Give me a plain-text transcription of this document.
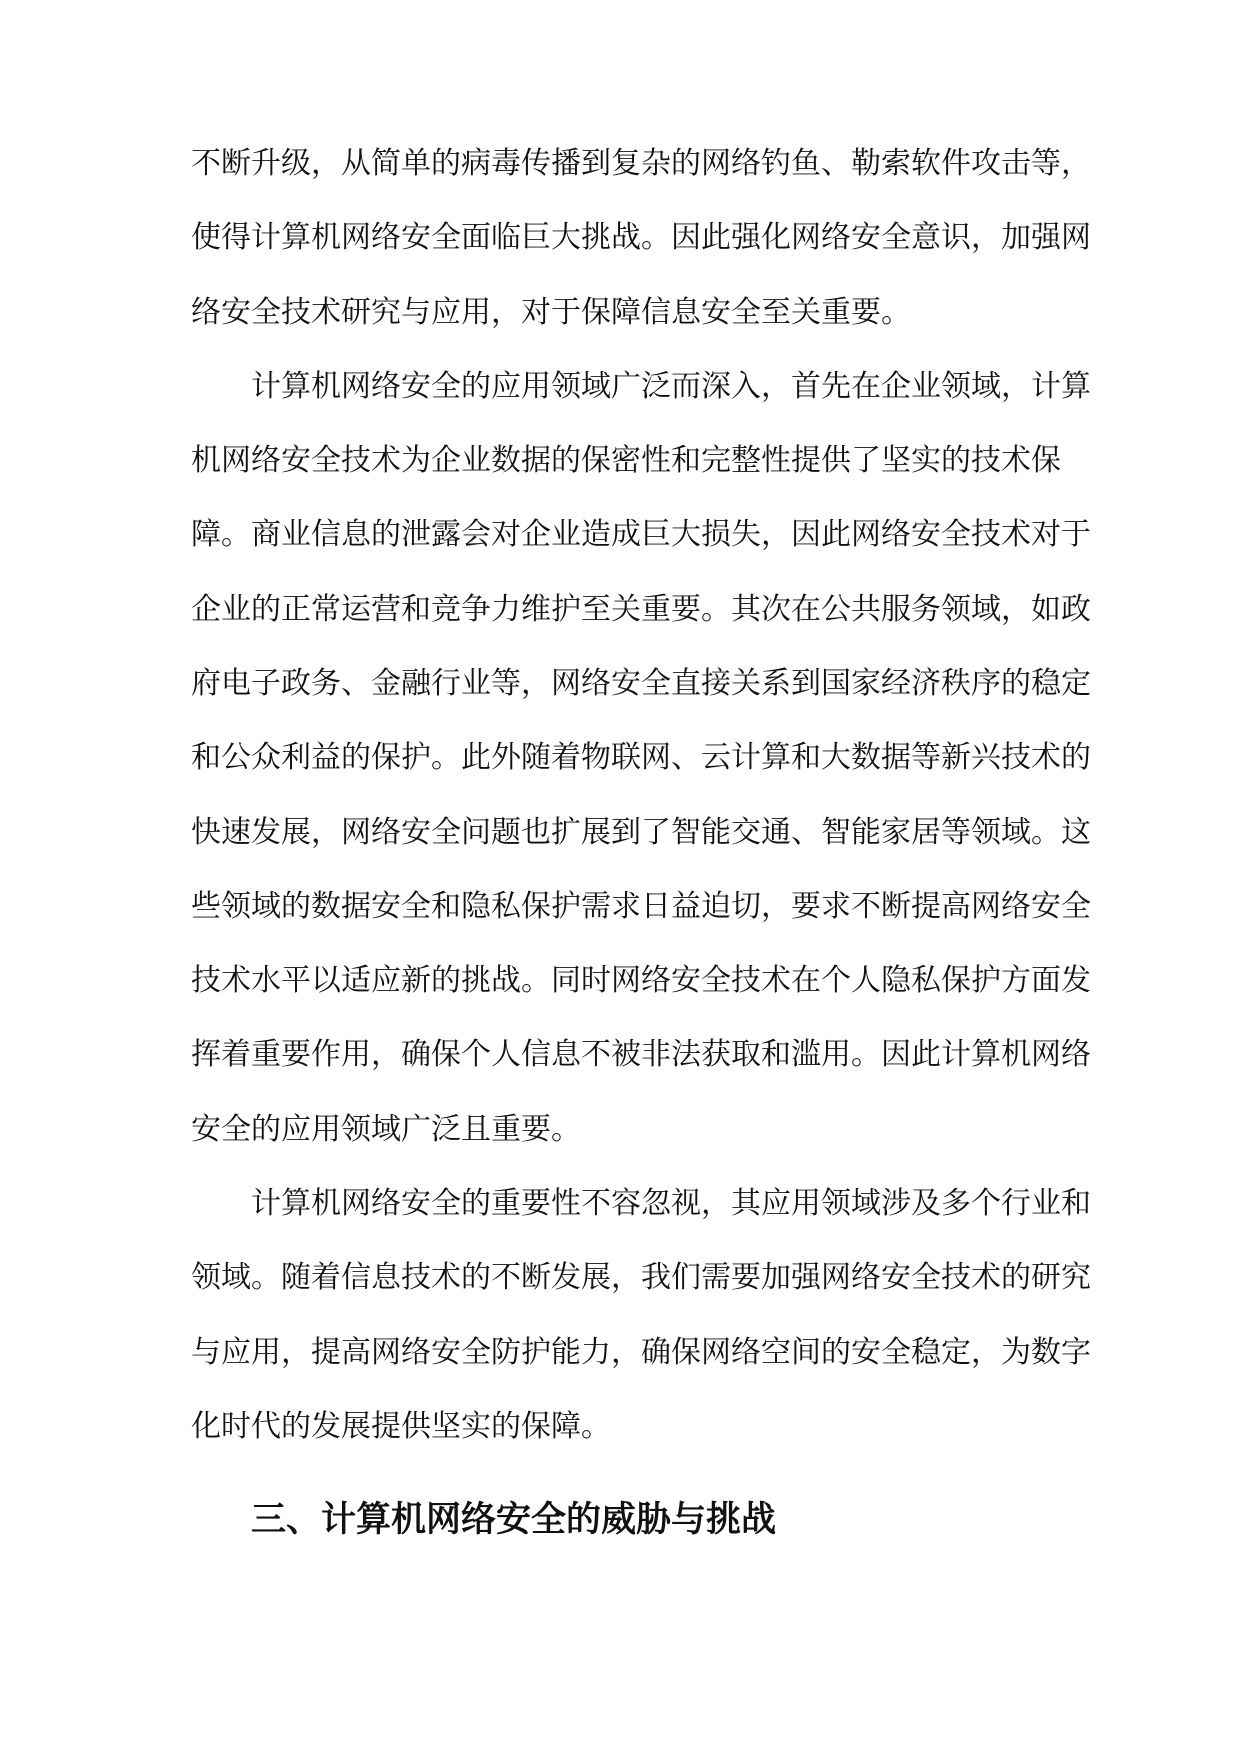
不断升级，从简单的病毒传播到复杂的网络钓鱼、勒索软件攻击等，
使得计算机网络安全面临巨大挑战。因此强化网络安全意识，加强网
络安全技术研究与应用，对于保障信息安全至关重要。
　　计算机网络安全的应用领域广泛而深入，首先在企业领域，计算
机网络安全技术为企业数据的保密性和完整性提供了坚实的技术保
障。商业信息的泄露会对企业造成巨大损失，因此网络安全技术对于
企业的正常运营和竞争力维护至关重要。其次在公共服务领域，如政
府电子政务、金融行业等，网络安全直接关系到国家经济秩序的稳定
和公众利益的保护。此外随着物联网、云计算和大数据等新兴技术的
快速发展，网络安全问题也扩展到了智能交通、智能家居等领域。这
些领域的数据安全和隐私保护需求日益迫切，要求不断提高网络安全
技术水平以适应新的挑战。同时网络安全技术在个人隐私保护方面发
挥着重要作用，确保个人信息不被非法获取和滥用。因此计算机网络
安全的应用领域广泛且重要。
　　计算机网络安全的重要性不容忽视，其应用领域涉及多个行业和
领域。随着信息技术的不断发展，我们需要加强网络安全技术的研究
与应用，提高网络安全防护能力，确保网络空间的安全稳定，为数字
化时代的发展提供坚实的保障。
三、计算机网络安全的威胁与挑战
